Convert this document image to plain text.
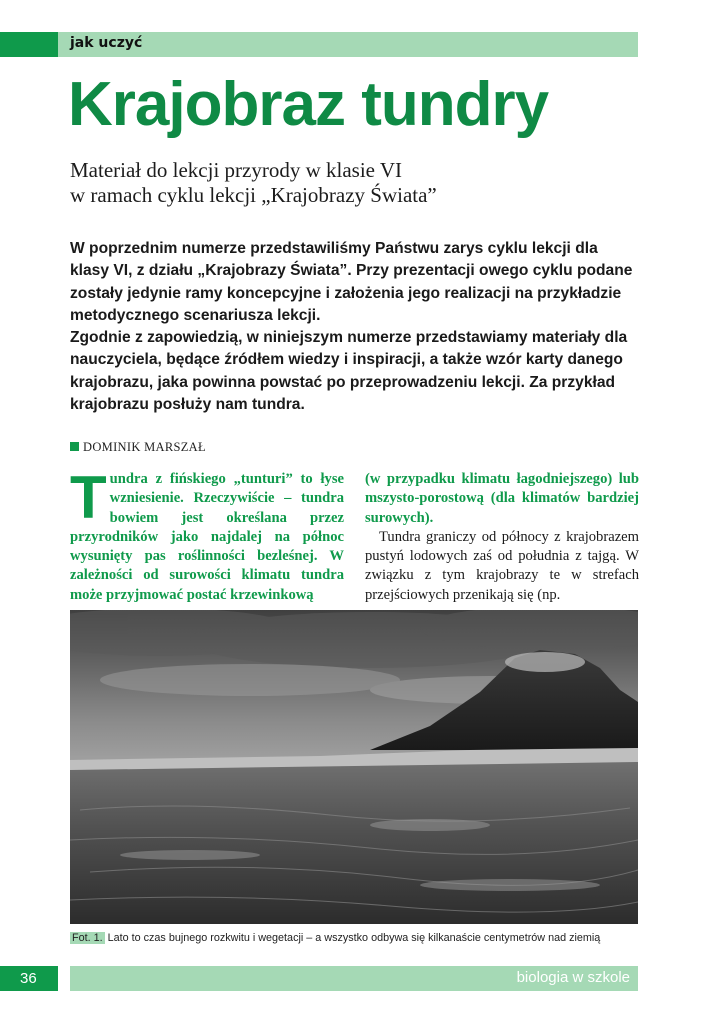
jak uczyć
Krajobraz tundry
Materiał do lekcji przyrody w klasie VI
w ramach cyklu lekcji „Krajobrazy Świata”

W poprzednim numerze przedstawiliśmy Państwu zarys cyklu lekcji dla klasy VI, z działu „Krajobrazy Świata”. Przy prezentacji owego cyklu podane zostały jedynie ramy koncepcyjne i założenia jego realizacji na przykładzie metodycznego scenariusza lekcji.

Zgodnie z zapowiedzią, w niniejszym numerze przedstawiamy materiały dla nauczyciela, będące źródłem wiedzy i inspiracji, a także wzór karty danego krajobrazu, jaka powinna powstać po przeprowadzeniu lekcji. Za przykład krajobrazu posłuży nam tundra.

DOMINIK MARSZAŁ

Tundra z fińskiego „tunturi” to łyse wzniesienie. Rzeczywiście – tundra bowiem jest określana przez przyrodników jako najdalej na północ wysunięty pas roślinności bezleśnej. W zależności od surowości klimatu tundra może przyjmować postać krzewinkową

(w przypadku klimatu łagodniejszego) lub mszysto-porostową (dla klimatów bardziej surowych).

Tundra graniczy od północy z krajobrazem pustyń lodowych zaś od południa z tajgą. W związku z tym krajobrazy te w strefach przejściowych przenikają się (np.

Fot. 1. Lato to czas bujnego rozkwitu i wegetacji – a wszystko odbywa się kilkanaście centymetrów nad ziemią
36	biologia w szkole
